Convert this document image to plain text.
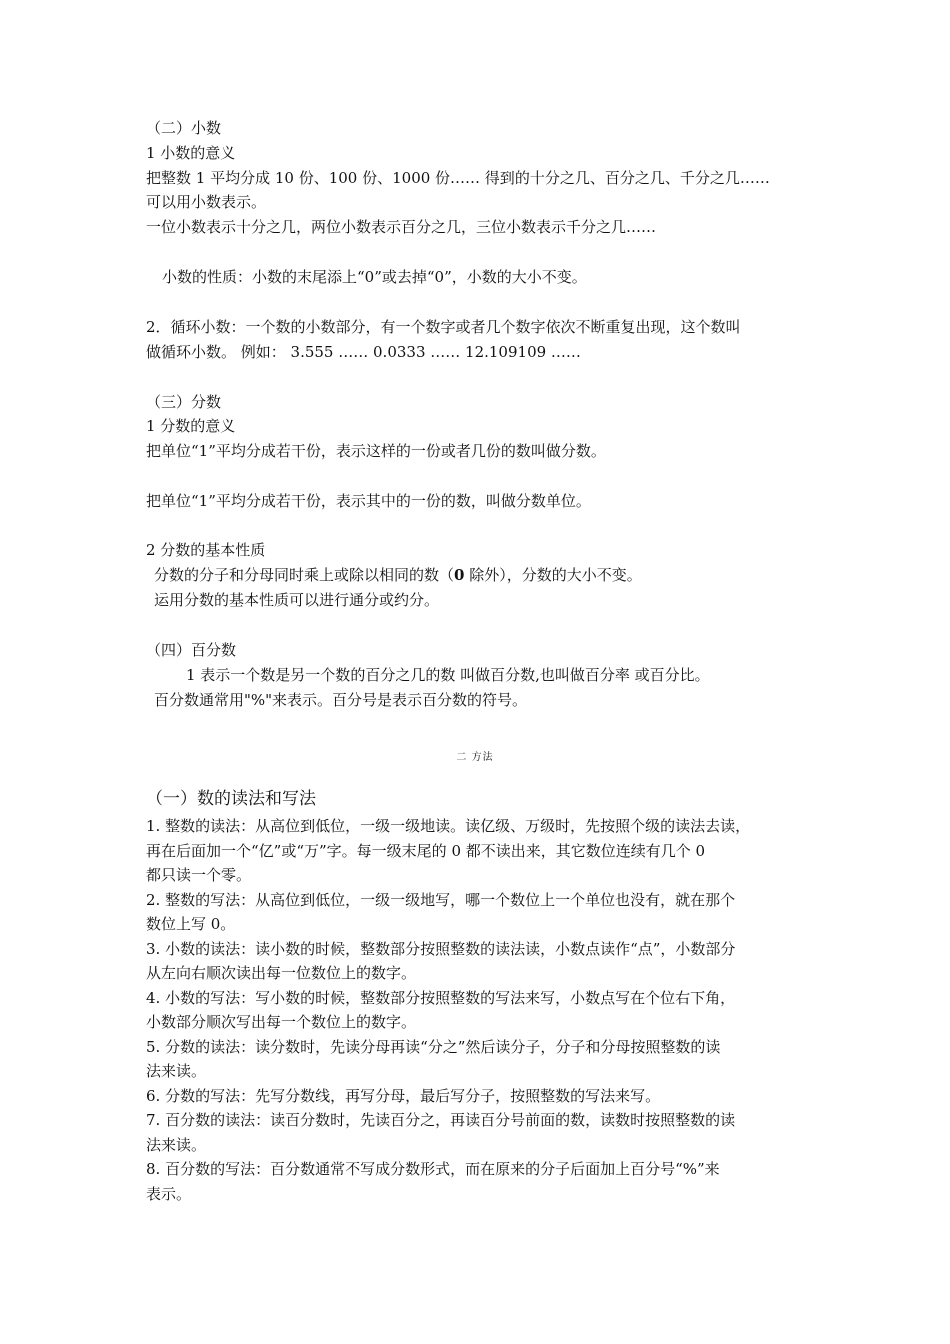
（二）小数
1 小数的意义
把整数 1 平均分成 10 份、100 份、1000 份…… 得到的十分之几、百分之几、千分之几……
可以用小数表示。
一位小数表示十分之几，两位小数表示百分之几，三位小数表示千分之几……
小数的性质：小数的末尾添上“0”或去掉“0”，小数的大小不变。
2．循环小数：一个数的小数部分，有一个数字或者几个数字依次不断重复出现，这个数叫
做循环小数。 例如： 3.555 …… 0.0333 …… 12.109109 ……
（三）分数
1 分数的意义
把单位“1”平均分成若干份，表示这样的一份或者几份的数叫做分数。
把单位“1”平均分成若干份，表示其中的一份的数，叫做分数单位。
2 分数的基本性质
分数的分子和分母同时乘上或除以相同的数（0 除外），分数的大小不变。
运用分数的基本性质可以进行通分或约分。
（四）百分数
1 表示一个数是另一个数的百分之几的数 叫做百分数,也叫做百分率 或百分比。
百分数通常用"%"来表示。百分号是表示百分数的符号。
二 方法
（一）数的读法和写法
1. 整数的读法：从高位到低位，一级一级地读。读亿级、万级时，先按照个级的读法去读，
再在后面加一个“亿”或“万”字。每一级末尾的 0 都不读出来，其它数位连续有几个 0
都只读一个零。
2. 整数的写法：从高位到低位，一级一级地写，哪一个数位上一个单位也没有，就在那个
数位上写 0。
3. 小数的读法：读小数的时候，整数部分按照整数的读法读，小数点读作“点”，小数部分
从左向右顺次读出每一位数位上的数字。
4. 小数的写法：写小数的时候，整数部分按照整数的写法来写，小数点写在个位右下角，
小数部分顺次写出每一个数位上的数字。
5. 分数的读法：读分数时，先读分母再读“分之”然后读分子，分子和分母按照整数的读
法来读。
6. 分数的写法：先写分数线，再写分母，最后写分子，按照整数的写法来写。
7. 百分数的读法：读百分数时，先读百分之，再读百分号前面的数，读数时按照整数的读
法来读。
8. 百分数的写法：百分数通常不写成分数形式，而在原来的分子后面加上百分号“%”来
表示。
